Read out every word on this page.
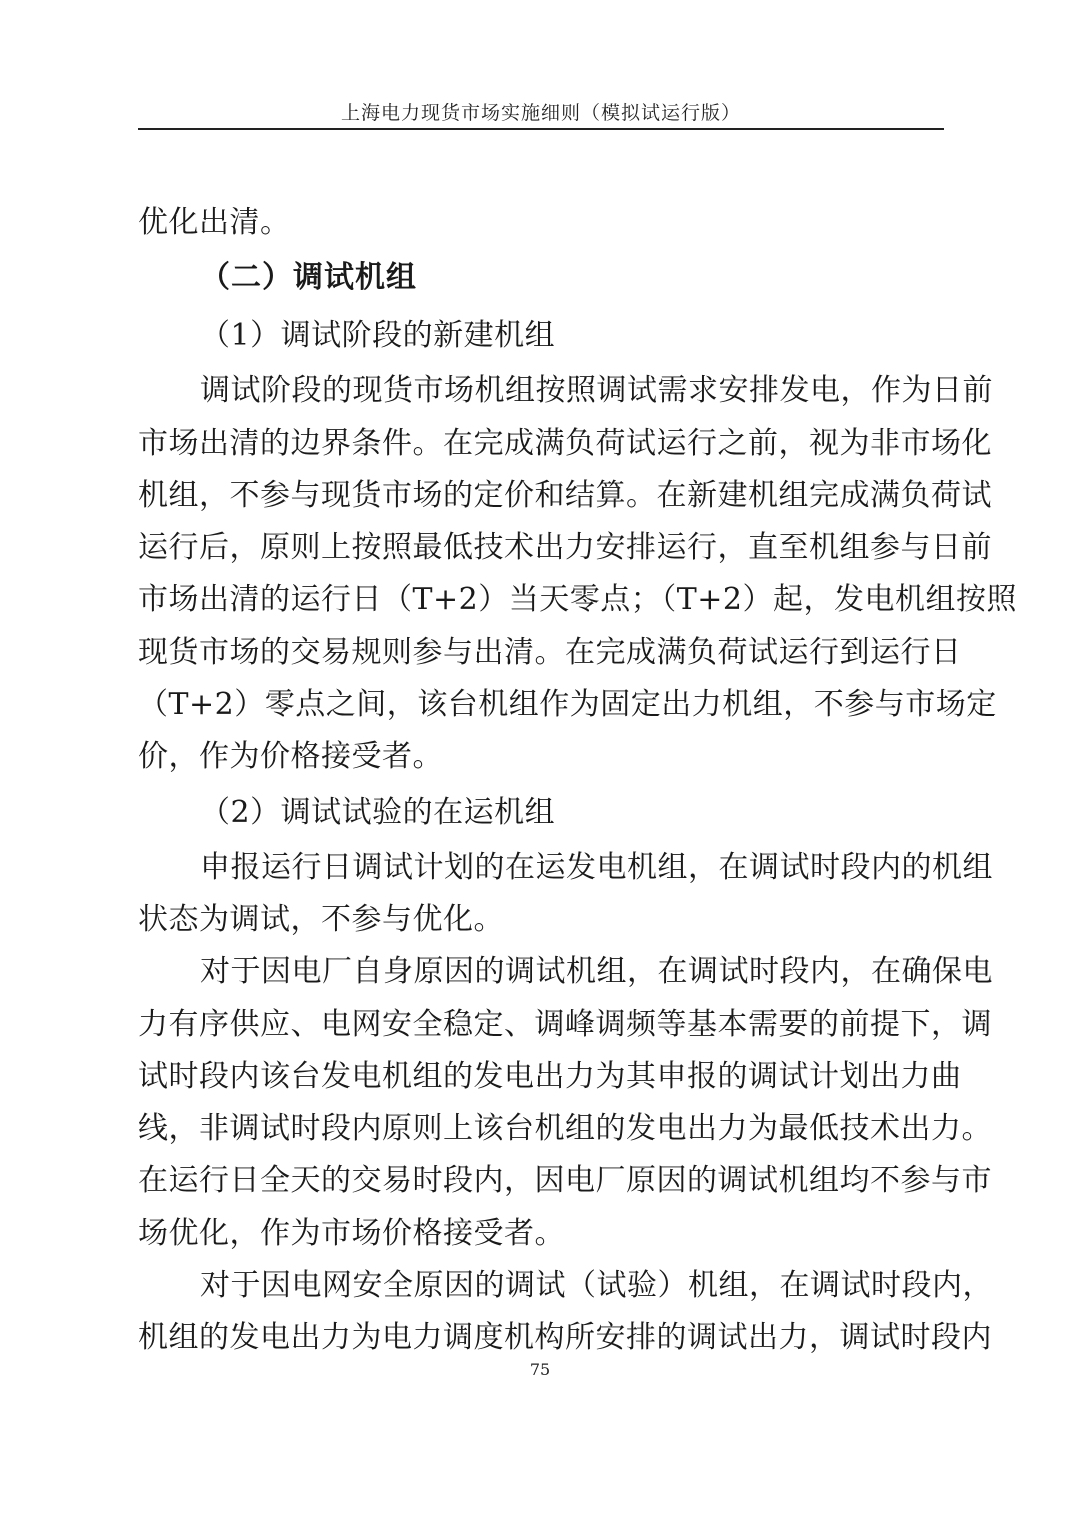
上海电力现货市场实施细则（模拟试运行版）
优化出清。
（二）调试机组
（1）调试阶段的新建机组
调试阶段的现货市场机组按照调试需求安排发电，作为日前
市场出清的边界条件。在完成满负荷试运行之前，视为非市场化
机组，不参与现货市场的定价和结算。在新建机组完成满负荷试
运行后，原则上按照最低技术出力安排运行，直至机组参与日前
市场出清的运行日（T+2）当天零点；（T+2）起，发电机组按照
现货市场的交易规则参与出清。在完成满负荷试运行到运行日
（T+2）零点之间，该台机组作为固定出力机组，不参与市场定
价，作为价格接受者。
（2）调试试验的在运机组
申报运行日调试计划的在运发电机组，在调试时段内的机组
状态为调试，不参与优化。
对于因电厂自身原因的调试机组，在调试时段内，在确保电
力有序供应、电网安全稳定、调峰调频等基本需要的前提下，调
试时段内该台发电机组的发电出力为其申报的调试计划出力曲
线，非调试时段内原则上该台机组的发电出力为最低技术出力。
在运行日全天的交易时段内，因电厂原因的调试机组均不参与市
场优化，作为市场价格接受者。
对于因电网安全原因的调试（试验）机组，在调试时段内，
机组的发电出力为电力调度机构所安排的调试出力，调试时段内
75
